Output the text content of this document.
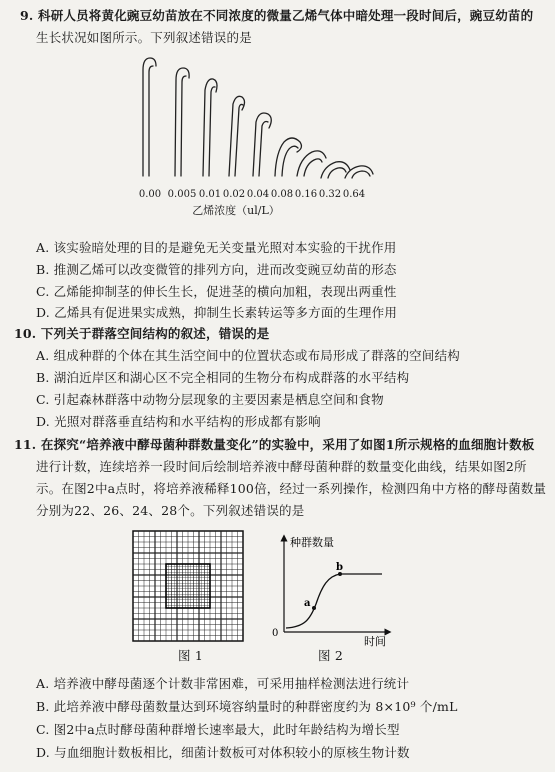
9. 科研人员将黄化豌豆幼苗放在不同浓度的微量乙烯气体中暗处理一段时间后，豌豆幼苗的
生长状况如图所示。下列叙述错误的是
0.00 0.005 0.01 0.02 0.04 0.08 0.16 0.32 0.64
乙烯浓度（ul/L）
A. 该实验暗处理的目的是避免无关变量光照对本实验的干扰作用
B. 推测乙烯可以改变微管的排列方向，进而改变豌豆幼苗的形态
C. 乙烯能抑制茎的伸长生长，促进茎的横向加粗，表现出两重性
D. 乙烯具有促进果实成熟，抑制生长素转运等多方面的生理作用
10. 下列关于群落空间结构的叙述，错误的是
A. 组成种群的个体在其生活空间中的位置状态或布局形成了群落的空间结构
B. 湖泊近岸区和湖心区不完全相同的生物分布构成群落的水平结构
C. 引起森林群落中动物分层现象的主要因素是栖息空间和食物
D. 光照对群落垂直结构和水平结构的形成都有影响
11. 在探究“培养液中酵母菌种群数量变化”的实验中，采用了如图1所示规格的血细胞计数板
进行计数，连续培养一段时间后绘制培养液中酵母菌种群的数量变化曲线，结果如图2所
示。在图2中a点时，将培养液稀释100倍，经过一系列操作，检测四角中方格的酵母菌数量
分别为22、26、24、28个。下列叙述错误的是
图 1
种群数量
时间
0
a
b
图 2
A. 培养液中酵母菌逐个计数非常困难，可采用抽样检测法进行统计
B. 此培养液中酵母菌数量达到环境容纳量时的种群密度约为 8×10⁹ 个/mL
C. 图2中a点时酵母菌种群增长速率最大，此时年龄结构为增长型
D. 与血细胞计数板相比，细菌计数板可对体积较小的原核生物计数
